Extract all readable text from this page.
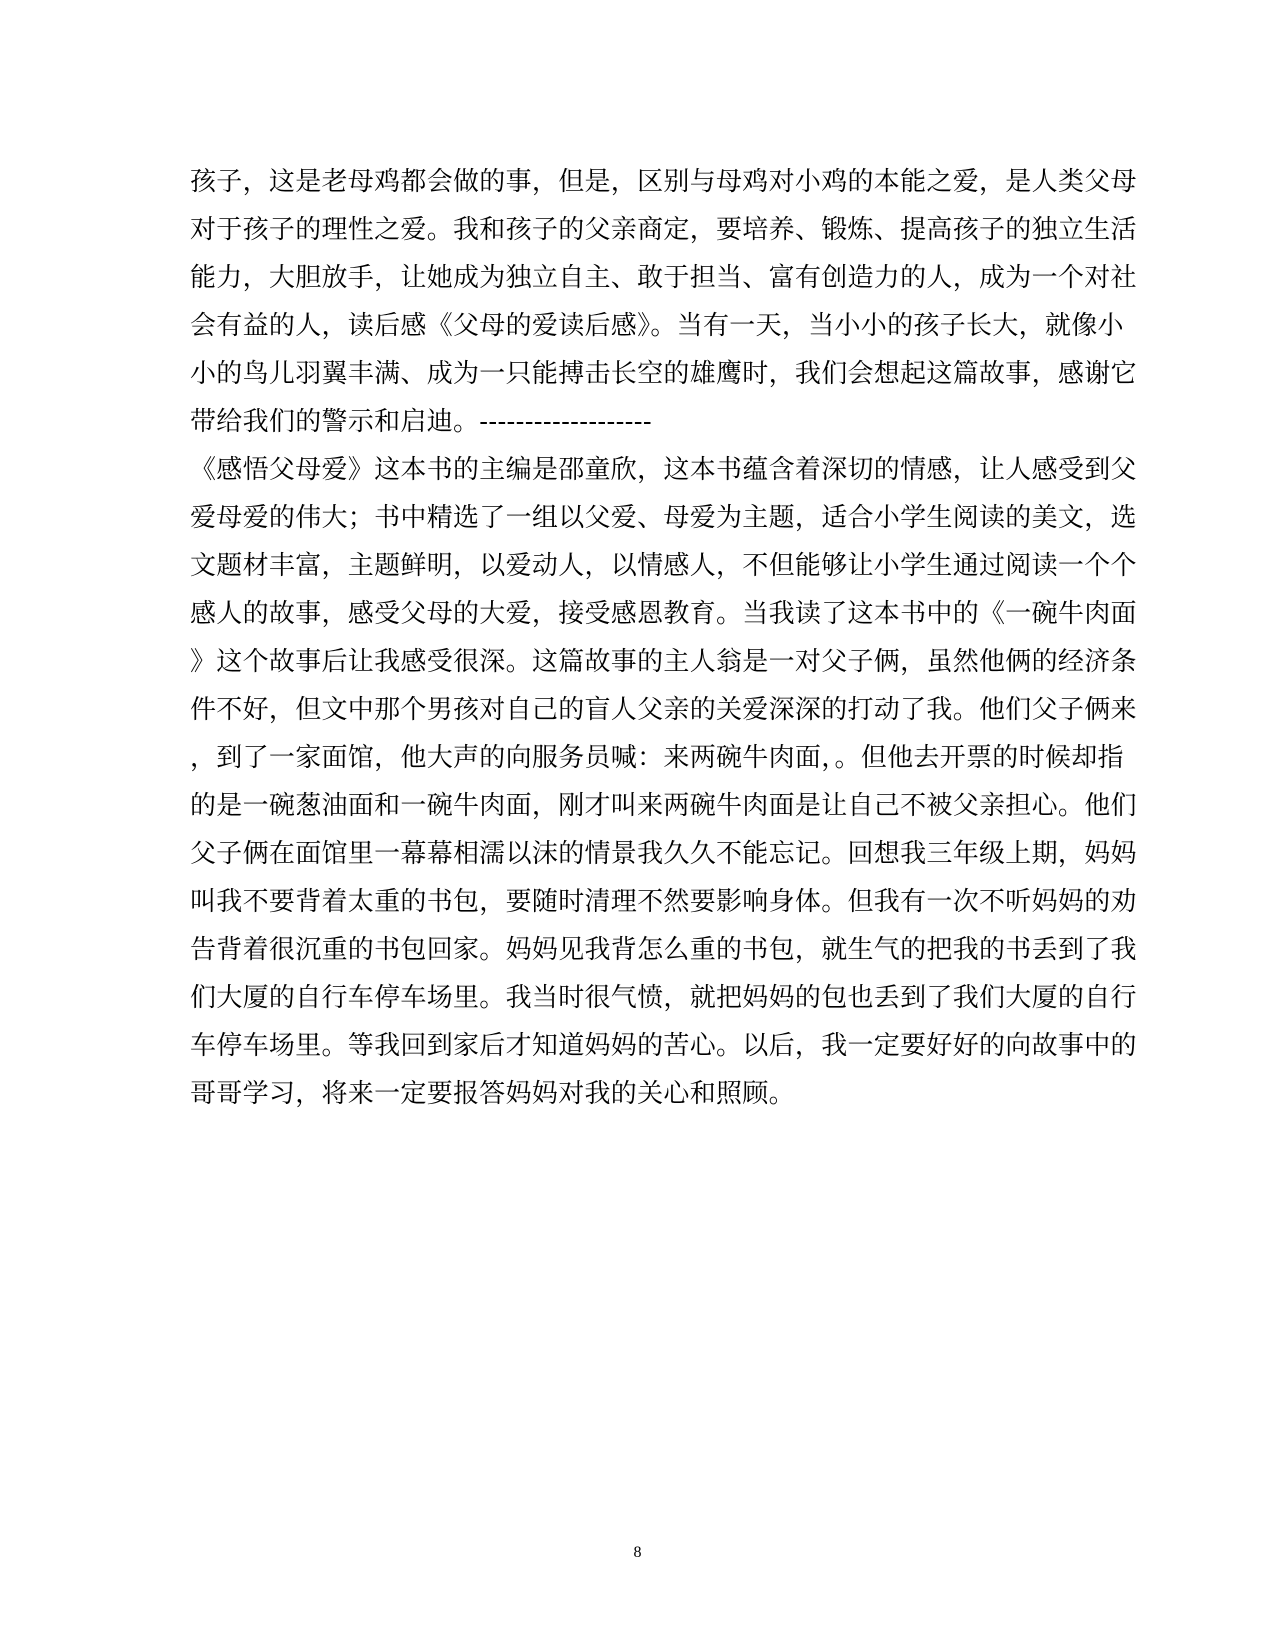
孩子，这是老母鸡都会做的事，但是，区别与母鸡对小鸡的本能之爱，是人类父母
对于孩子的理性之爱。我和孩子的父亲商定，要培养、锻炼、提高孩子的独立生活
能力，大胆放手，让她成为独立自主、敢于担当、富有创造力的人，成为一个对社
会有益的人，读后感《父母的爱读后感》。当有一天，当小小的孩子长大，就像小
小的鸟儿羽翼丰满、成为一只能搏击长空的雄鹰时，我们会想起这篇故事，感谢它
带给我们的警示和启迪。-------------------
《感悟父母爱》这本书的主编是邵童欣，这本书蕴含着深切的情感，让人感受到父
爱母爱的伟大；书中精选了一组以父爱、母爱为主题，适合小学生阅读的美文，选
文题材丰富，主题鲜明，以爱动人，以情感人，不但能够让小学生通过阅读一个个
感人的故事，感受父母的大爱，接受感恩教育。当我读了这本书中的《一碗牛肉面
》这个故事后让我感受很深。这篇故事的主人翁是一对父子俩，虽然他俩的经济条
件不好，但文中那个男孩对自己的盲人父亲的关爱深深的打动了我。他们父子俩来
，到了一家面馆，他大声的向服务员喊：来两碗牛肉面，。但他去开票的时候却指
的是一碗葱油面和一碗牛肉面，刚才叫来两碗牛肉面是让自己不被父亲担心。他们
父子俩在面馆里一幕幕相濡以沫的情景我久久不能忘记。回想我三年级上期，妈妈
叫我不要背着太重的书包，要随时清理不然要影响身体。但我有一次不听妈妈的劝
告背着很沉重的书包回家。妈妈见我背怎么重的书包，就生气的把我的书丢到了我
们大厦的自行车停车场里。我当时很气愤，就把妈妈的包也丢到了我们大厦的自行
车停车场里。等我回到家后才知道妈妈的苦心。以后，我一定要好好的向故事中的
哥哥学习，将来一定要报答妈妈对我的关心和照顾。
8
